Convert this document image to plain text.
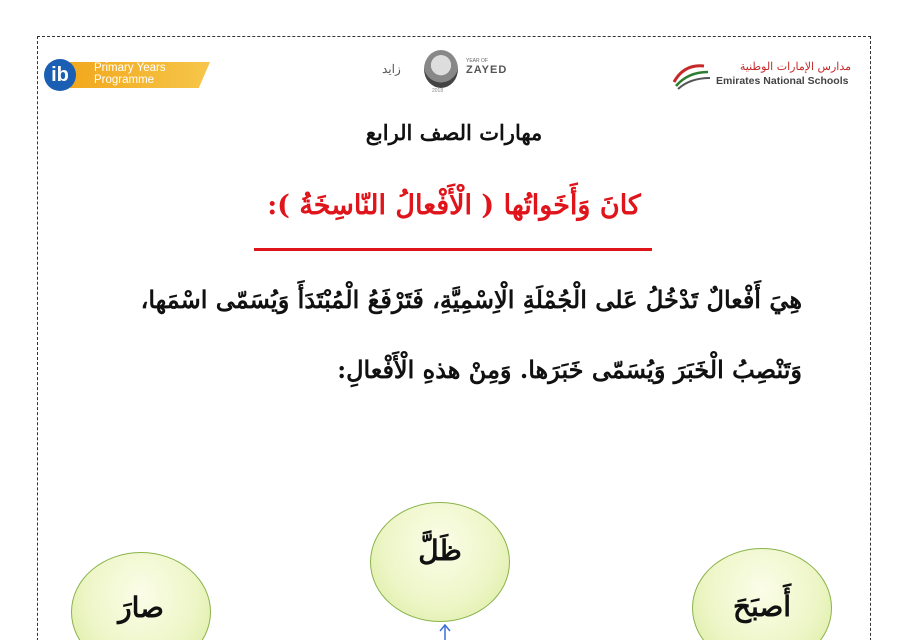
ib	Primary Years
Programme
زايد
YEAR OF
ZAYED
2018
مدارس الإمارات الوطنية
Emirates National Schools
مهارات الصف الرابع
كانَ وَأَخَواتُها ( الْأَفْعالُ النّاسِخَةُ ):
هِيَ أَفْعالٌ تَدْخُلُ عَلى الْجُمْلَةِ الْاِسْمِيَّةِ، فَتَرْفَعُ الْمُبْتَدَأَ وَيُسَمّى اسْمَها،
وَتَنْصِبُ الْخَبَرَ وَيُسَمّى خَبَرَها. وَمِنْ هذهِ الْأَفْعالِ:
ظَلَّ
صارَ	أَصبَحَ
